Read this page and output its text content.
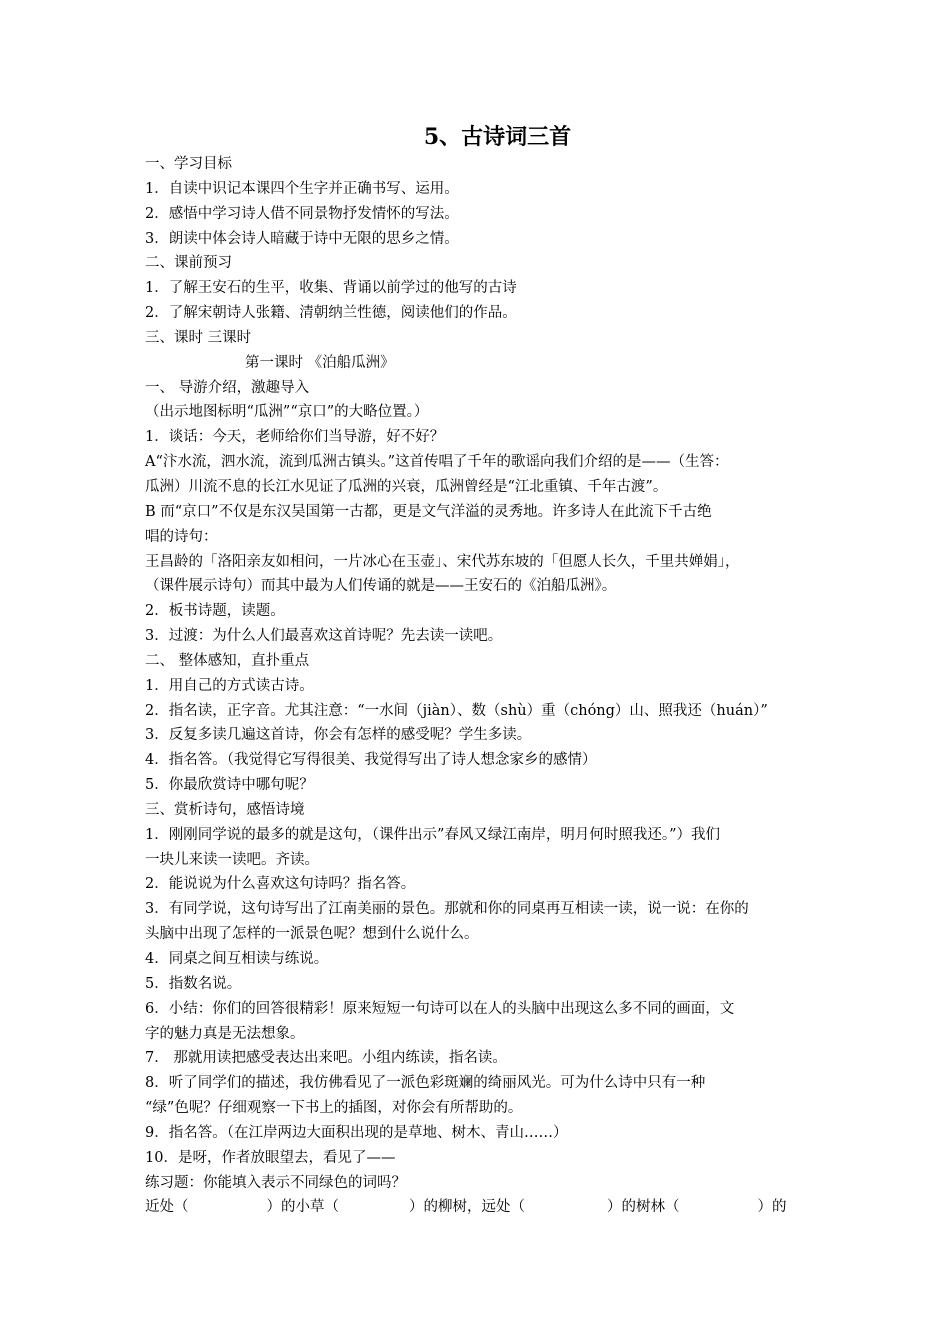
5、古诗词三首
一、学习目标
1．自读中识记本课四个生字并正确书写、运用。
2．感悟中学习诗人借不同景物抒发情怀的写法。
3．朗读中体会诗人暗藏于诗中无限的思乡之情。
二、课前预习
1．了解王安石的生平，收集、背诵以前学过的他写的古诗
2．了解宋朝诗人张籍、清朝纳兰性德，阅读他们的作品。
三、课时 三课时
第一课时 《泊船瓜洲》
一、 导游介绍，激趣导入
（出示地图标明“瓜洲”“京口”的大略位置。）
1．谈话：今天，老师给你们当导游，好不好？
A“汴水流，泗水流，流到瓜洲古镇头。”这首传唱了千年的歌谣向我们介绍的是——（生答：
瓜洲）川流不息的长江水见证了瓜洲的兴衰，瓜洲曾经是“江北重镇、千年古渡”。
B 而“京口”不仅是东汉吴国第一古都，更是文气洋溢的灵秀地。许多诗人在此流下千古绝
唱的诗句：
王昌龄的「洛阳亲友如相问，一片冰心在玉壶」、宋代苏东坡的「但愿人长久，千里共婵娟」，
（课件展示诗句）而其中最为人们传诵的就是——王安石的《泊船瓜洲》。
2．板书诗题，读题。
3．过渡：为什么人们最喜欢这首诗呢？先去读一读吧。
二、 整体感知，直扑重点
1．用自己的方式读古诗。
2．指名读，正字音。尤其注意：“一水间（jiàn）、数（shù）重（chóng）山、照我还（huán）”
3．反复多读几遍这首诗，你会有怎样的感受呢？学生多读。
4．指名答。（我觉得它写得很美、我觉得写出了诗人想念家乡的感情）
5．你最欣赏诗中哪句呢？
三、赏析诗句，感悟诗境
1．刚刚同学说的最多的就是这句，（课件出示”春风又绿江南岸，明月何时照我还。”）我们
一块儿来读一读吧。齐读。
2．能说说为什么喜欢这句诗吗？指名答。
3．有同学说，这句诗写出了江南美丽的景色。那就和你的同桌再互相读一读，说一说：在你的
头脑中出现了怎样的一派景色呢？想到什么说什么。
4．同桌之间互相读与练说。
5．指数名说。
6．小结：你们的回答很精彩！原来短短一句诗可以在人的头脑中出现这么多不同的画面，文
字的魅力真是无法想象。
7． 那就用读把感受表达出来吧。小组内练读，指名读。
8．听了同学们的描述，我仿佛看见了一派色彩斑斓的绮丽风光。可为什么诗中只有一种
“绿”色呢？仔细观察一下书上的插图，对你会有所帮助的。
9．指名答。（在江岸两边大面积出现的是草地、树木、青山……）
10．是呀，作者放眼望去，看见了——
练习题：你能填入表示不同绿色的词吗？
近处（	）的小草（	）的柳树，远处（	）的树林（	）的
